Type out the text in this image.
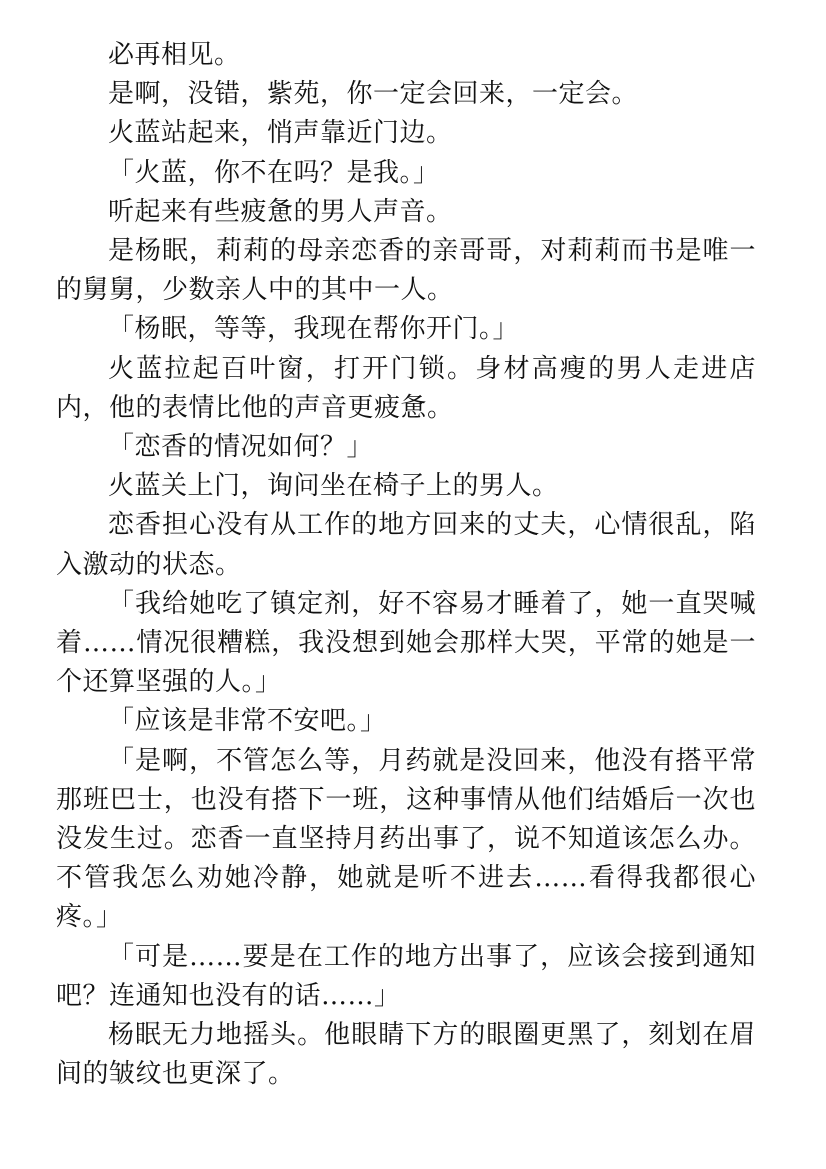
必再相见。

是啊，没错，紫苑，你一定会回来，一定会。

火蓝站起来，悄声靠近门边。

「火蓝，你不在吗？是我。」

听起来有些疲惫的男人声音。

是杨眠，莉莉的母亲恋香的亲哥哥，对莉莉而书是唯一的舅舅，少数亲人中的其中一人。

「杨眠，等等，我现在帮你开门。」

火蓝拉起百叶窗，打开门锁。身材高瘦的男人走进店内，他的表情比他的声音更疲惫。

「恋香的情况如何？」

火蓝关上门，询问坐在椅子上的男人。

恋香担心没有从工作的地方回来的丈夫，心情很乱，陷入激动的状态。

「我给她吃了镇定剂，好不容易才睡着了，她一直哭喊着……情况很糟糕，我没想到她会那样大哭，平常的她是一个还算坚强的人。」

「应该是非常不安吧。」

「是啊，不管怎么等，月药就是没回来，他没有搭平常那班巴士，也没有搭下一班，这种事情从他们结婚后一次也没发生过。恋香一直坚持月药出事了，说不知道该怎么办。不管我怎么劝她冷静，她就是听不进去……看得我都很心疼。」

「可是……要是在工作的地方出事了，应该会接到通知吧？连通知也没有的话……」

杨眠无力地摇头。他眼睛下方的眼圈更黑了，刻划在眉间的皱纹也更深了。
